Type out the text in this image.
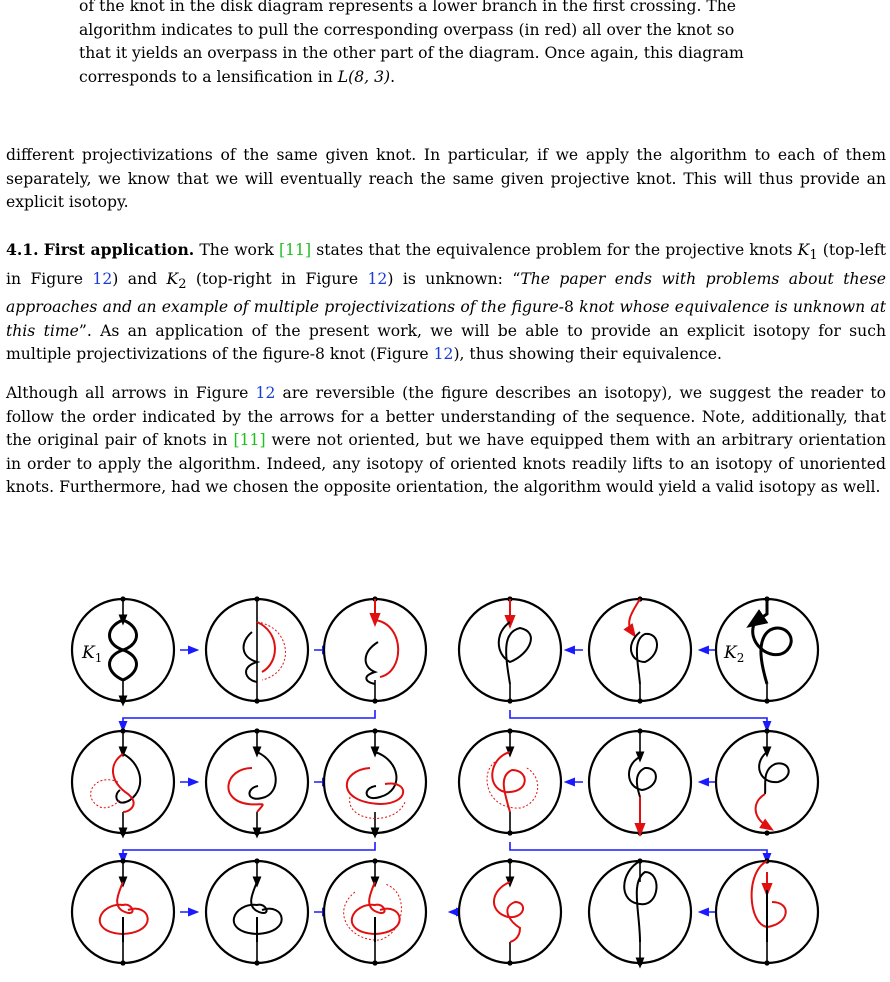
of the knot in the disk diagram represents a lower branch in the first crossing. The
algorithm indicates to pull the corresponding overpass (in red) all over the knot so
that it yields an overpass in the other part of the diagram. Once again, this diagram
corresponds to a lensification in L(8, 3).

different projectivizations of the same given knot. In particular, if we apply the algorithm to each of them separately, we know that we will eventually reach the same given projective knot. This will thus provide an explicit isotopy.

4.1. First application. The work [11] states that the equivalence problem for the projective knots $K_1$ (top-left in Figure 12) and $K_2$ (top-right in Figure 12) is unknown: “The paper ends with problems about these approaches and an example of multiple projectivizations of the figure-8 knot whose equivalence is unknown at this time”. As an application of the present work, we will be able to provide an explicit isotopy for such multiple projectivizations of the figure-8 knot (Figure 12), thus showing their equivalence.

Although all arrows in Figure 12 are reversible (the figure describes an isotopy), we suggest the reader to follow the order indicated by the arrows for a better understanding of the sequence. Note, additionally, that the original pair of knots in [11] were not oriented, but we have equipped them with an arbitrary orientation in order to apply the algorithm. Indeed, any isotopy of oriented knots readily lifts to an isotopy of unoriented knots. Furthermore, had we chosen the opposite orientation, the algorithm would yield a valid isotopy as well.

$K_1$	$K_2$
